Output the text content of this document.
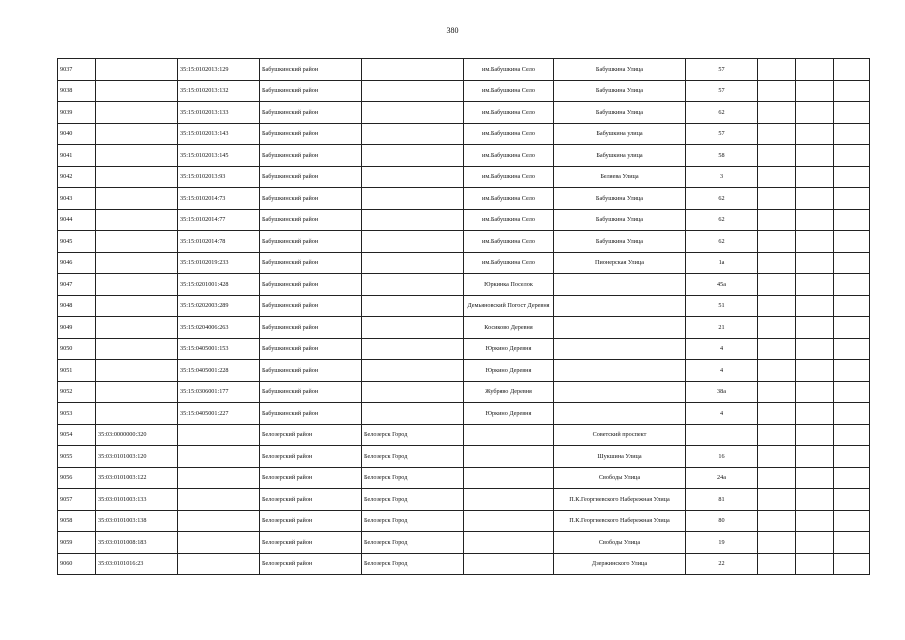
380
9037		35:15:0102013:129	Бабушкинский район		им.Бабушкина Село	Бабушкина Улица	57			
9038		35:15:0102013:132	Бабушкинский район		им.Бабушкина Село	Бабушкина Улица	57			
9039		35:15:0102013:133	Бабушкинский район		им.Бабушкина Село	Бабушкина Улица	62			
9040		35:15:0102013:143	Бабушкинский район		им.Бабушкина Село	Бабушкина улица	57			
9041		35:15:0102013:145	Бабушкинский район		им.Бабушкина Село	Бабушкина улица	58			
9042		35:15:0102013:93	Бабушкинский район		им.Бабушкина Село	Беляева Улица	3			
9043		35:15:0102014:73	Бабушкинский район		им.Бабушкина Село	Бабушкина Улица	62			
9044		35:15:0102014:77	Бабушкинский район		им.Бабушкина Село	Бабушкина Улица	62			
9045		35:15:0102014:78	Бабушкинский район		им.Бабушкина Село	Бабушкина Улица	62			
9046		35:15:0102019:233	Бабушкинский район		им.Бабушкина Село	Пионерская Улица	1а			
9047		35:15:0201001:428	Бабушкинский район		Юркинка Поселок		45а			
9048		35:15:0202003:289	Бабушкинский район		Демьяновский Погост Деревня		51			
9049		35:15:0204006:263	Бабушкинский район		Косиково Деревня		21			
9050		35:15:0405001:153	Бабушкинский район		Юркино Деревня		4			
9051		35:15:0405001:228	Бабушкинский район		Юркино Деревня		4			
9052		35:15:0306001:177	Бабушкинский район		Жубряво Деревня		38а			
9053		35:15:0405001:227	Бабушкинский район		Юркино Деревня		4			
9054	35:03:0000000:320		Белозерский район	Белозерск Город		Советский проспект				
9055	35:03:0101003:120		Белозерский район	Белозерск Город		Шукшина Улица	16			
9056	35:03:0101003:122		Белозерский район	Белозерск Город		Свободы Улица	24а			
9057	35:03:0101003:133		Белозерский район	Белозерск Город		П.К.Георгиевского Набережная Улица	81			
9058	35:03:0101003:138		Белозерский район	Белозерск Город		П.К.Георгиевского Набережная Улица	80			
9059	35:03:0101008:183		Белозерский район	Белозерск Город		Свободы Улица	19			
9060	35:03:0101016:23		Белозерский район	Белозерск Город		Дзержинского Улица	22			
